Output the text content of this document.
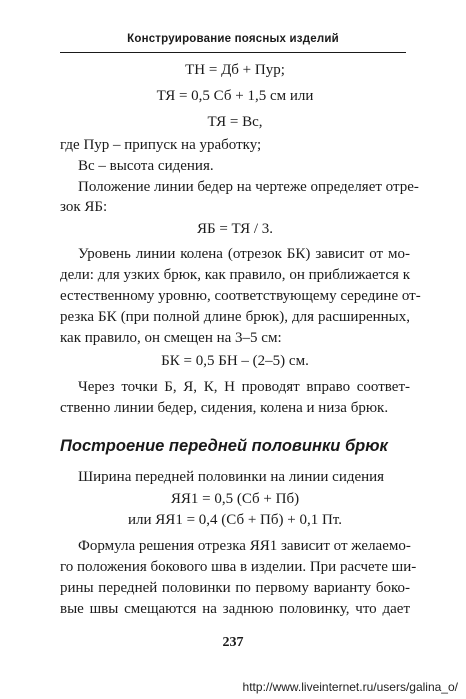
Конструирование поясных изделий
ТН = Дб + Пур;
ТЯ = 0,5 Сб + 1,5 см или
ТЯ = Вс,
где Пур – припуск на уработку;
Вс – высота сидения.
Положение линии бедер на чертеже определяет отре-
зок ЯБ:
ЯБ = ТЯ / 3.
Уровень линии колена (отрезок БК) зависит от мо-
дели: для узких брюк, как правило, он приближается к
естественному уровню, соответствующему середине от-
резка БК (при полной длине брюк), для расширенных,
как правило, он смещен на 3–5 см:
БК = 0,5 БН – (2–5) см.
Через точки Б, Я, К, Н проводят вправо соответ-
ственно линии бедер, сидения, колена и низа брюк.
Построение передней половинки брюк
Ширина передней половинки на линии сидения
ЯЯ1 = 0,5 (Сб + Пб)
или ЯЯ1 = 0,4 (Сб + Пб) + 0,1 Пт.
Формула решения отрезка ЯЯ1 зависит от желаемо-
го положения бокового шва в изделии. При расчете ши-
рины передней половинки по первому варианту боко-
вые швы смещаются на заднюю половинку, что дает
237
http://www.liveinternet.ru/users/galina_o/
